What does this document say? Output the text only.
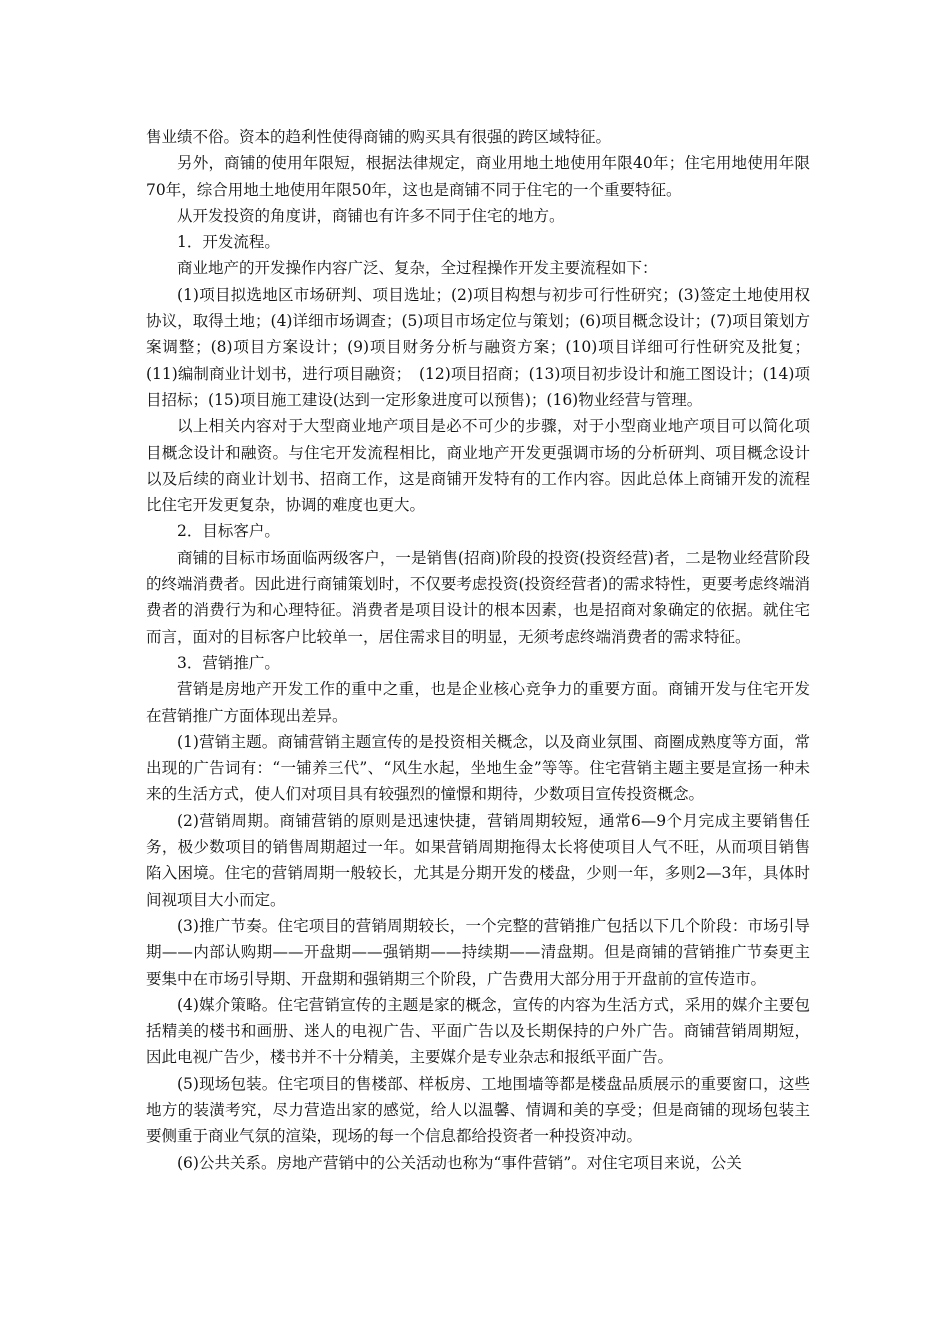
售业绩不俗。资本的趋利性使得商铺的购买具有很强的跨区域特征。

另外，商铺的使用年限短，根据法律规定，商业用地土地使用年限40年；住宅用地使用年限70年，综合用地土地使用年限50年，这也是商铺不同于住宅的一个重要特征。

从开发投资的角度讲，商铺也有许多不同于住宅的地方。

1．开发流程。

商业地产的开发操作内容广泛、复杂，全过程操作开发主要流程如下：

(1)项目拟选地区市场研判、项目选址；(2)项目构想与初步可行性研究；(3)签定土地使用权协议，取得土地；(4)详细市场调查；(5)项目市场定位与策划；(6)项目概念设计；(7)项目策划方案调整；(8)项目方案设计；(9)项目财务分析与融资方案；(10)项目详细可行性研究及批复；(11)编制商业计划书，进行项目融资；　(12)项目招商；(13)项目初步设计和施工图设计；(14)项目招标；(15)项目施工建设(达到一定形象进度可以预售)；(16)物业经营与管理。

以上相关内容对于大型商业地产项目是必不可少的步骤，对于小型商业地产项目可以简化项目概念设计和融资。与住宅开发流程相比，商业地产开发更强调市场的分析研判、项目概念设计以及后续的商业计划书、招商工作，这是商铺开发特有的工作内容。因此总体上商铺开发的流程比住宅开发更复杂，协调的难度也更大。

2．目标客户。

商铺的目标市场面临两级客户，一是销售(招商)阶段的投资(投资经营)者，二是物业经营阶段的终端消费者。因此进行商铺策划时，不仅要考虑投资(投资经营者)的需求特性，更要考虑终端消费者的消费行为和心理特征。消费者是项目设计的根本因素，也是招商对象确定的依据。就住宅而言，面对的目标客户比较单一，居住需求目的明显，无须考虑终端消费者的需求特征。

3．营销推广。

营销是房地产开发工作的重中之重，也是企业核心竞争力的重要方面。商铺开发与住宅开发在营销推广方面体现出差异。

(1)营销主题。商铺营销主题宣传的是投资相关概念，以及商业氛围、商圈成熟度等方面，常出现的广告词有：“一铺养三代”、“风生水起，坐地生金”等等。住宅营销主题主要是宣扬一种未来的生活方式，使人们对项目具有较强烈的憧憬和期待，少数项目宣传投资概念。

(2)营销周期。商铺营销的原则是迅速快捷，营销周期较短，通常6—9个月完成主要销售任务，极少数项目的销售周期超过一年。如果营销周期拖得太长将使项目人气不旺，从而项目销售陷入困境。住宅的营销周期一般较长，尤其是分期开发的楼盘，少则一年，多则2—3年，具体时间视项目大小而定。

(3)推广节奏。住宅项目的营销周期较长，一个完整的营销推广包括以下几个阶段：市场引导期——内部认购期——开盘期——强销期——持续期——清盘期。但是商铺的营销推广节奏更主要集中在市场引导期、开盘期和强销期三个阶段，广告费用大部分用于开盘前的宣传造市。

(4)媒介策略。住宅营销宣传的主题是家的概念，宣传的内容为生活方式，采用的媒介主要包括精美的楼书和画册、迷人的电视广告、平面广告以及长期保持的户外广告。商铺营销周期短，因此电视广告少，楼书并不十分精美，主要媒介是专业杂志和报纸平面广告。

(5)现场包装。住宅项目的售楼部、样板房、工地围墙等都是楼盘品质展示的重要窗口，这些地方的装潢考究，尽力营造出家的感觉，给人以温馨、情调和美的享受；但是商铺的现场包装主要侧重于商业气氛的渲染，现场的每一个信息都给投资者一种投资冲动。

(6)公共关系。房地产营销中的公关活动也称为“事件营销”。对住宅项目来说，公关
